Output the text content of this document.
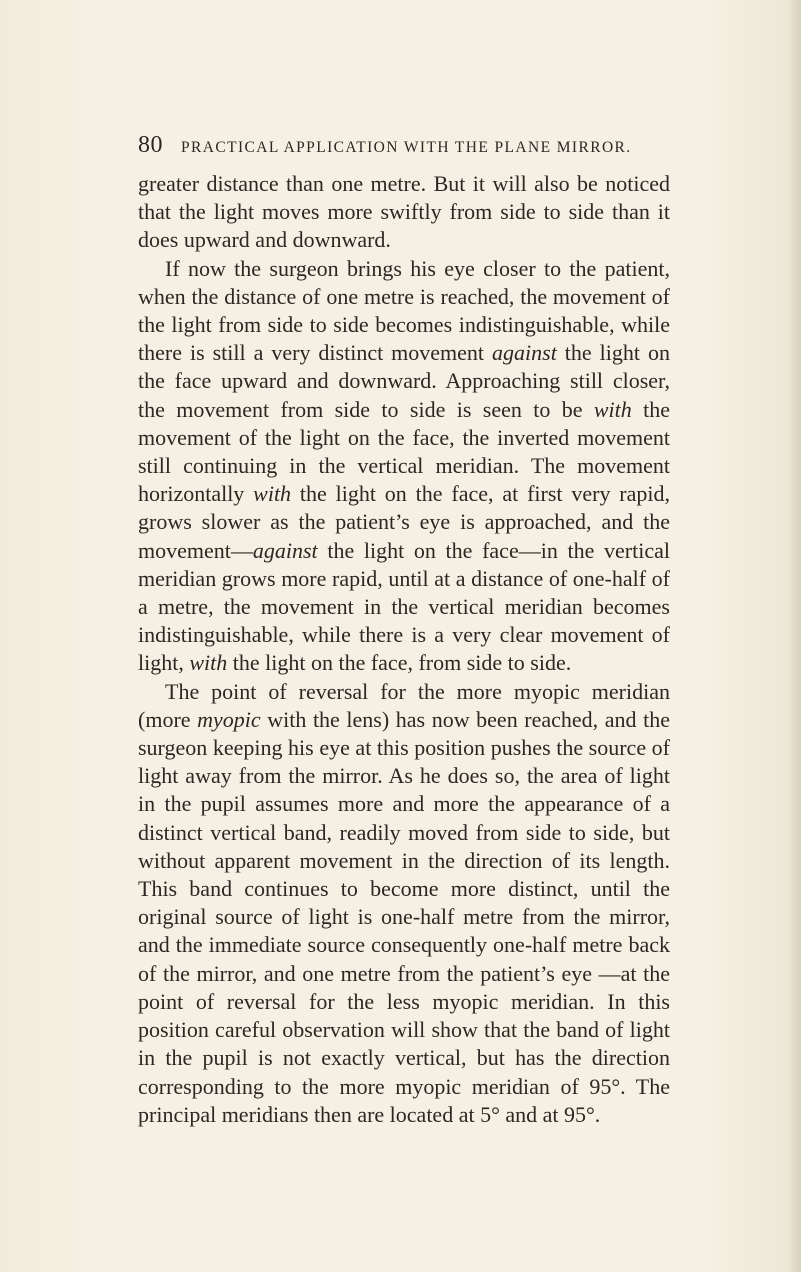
80 PRACTICAL APPLICATION WITH THE PLANE MIRROR.

greater distance than one metre. But it will also be noticed that the light moves more swiftly from side to side than it does upward and downward.

If now the surgeon brings his eye closer to the patient, when the distance of one metre is reached, the movement of the light from side to side becomes indistinguishable, while there is still a very distinct movement against the light on the face upward and downward. Approaching still closer, the movement from side to side is seen to be with the movement of the light on the face, the inverted movement still continuing in the vertical meridian. The movement horizontally with the light on the face, at first very rapid, grows slower as the patient’s eye is approached, and the movement—against the light on the face—in the vertical meridian grows more rapid, until at a distance of one-half of a metre, the movement in the vertical meridian becomes indistinguishable, while there is a very clear movement of light, with the light on the face, from side to side.

The point of reversal for the more myopic meridian (more myopic with the lens) has now been reached, and the surgeon keeping his eye at this position pushes the source of light away from the mirror. As he does so, the area of light in the pupil assumes more and more the appearance of a distinct vertical band, readily moved from side to side, but without apparent movement in the direction of its length. This band continues to become more distinct, until the original source of light is one-half metre from the mirror, and the immediate source consequently one-half metre back of the mirror, and one metre from the patient’s eye —at the point of reversal for the less myopic meridian. In this position careful observation will show that the band of light in the pupil is not exactly vertical, but has the direction corresponding to the more myopic meridian of 95°. The principal meridians then are located at 5° and at 95°.
